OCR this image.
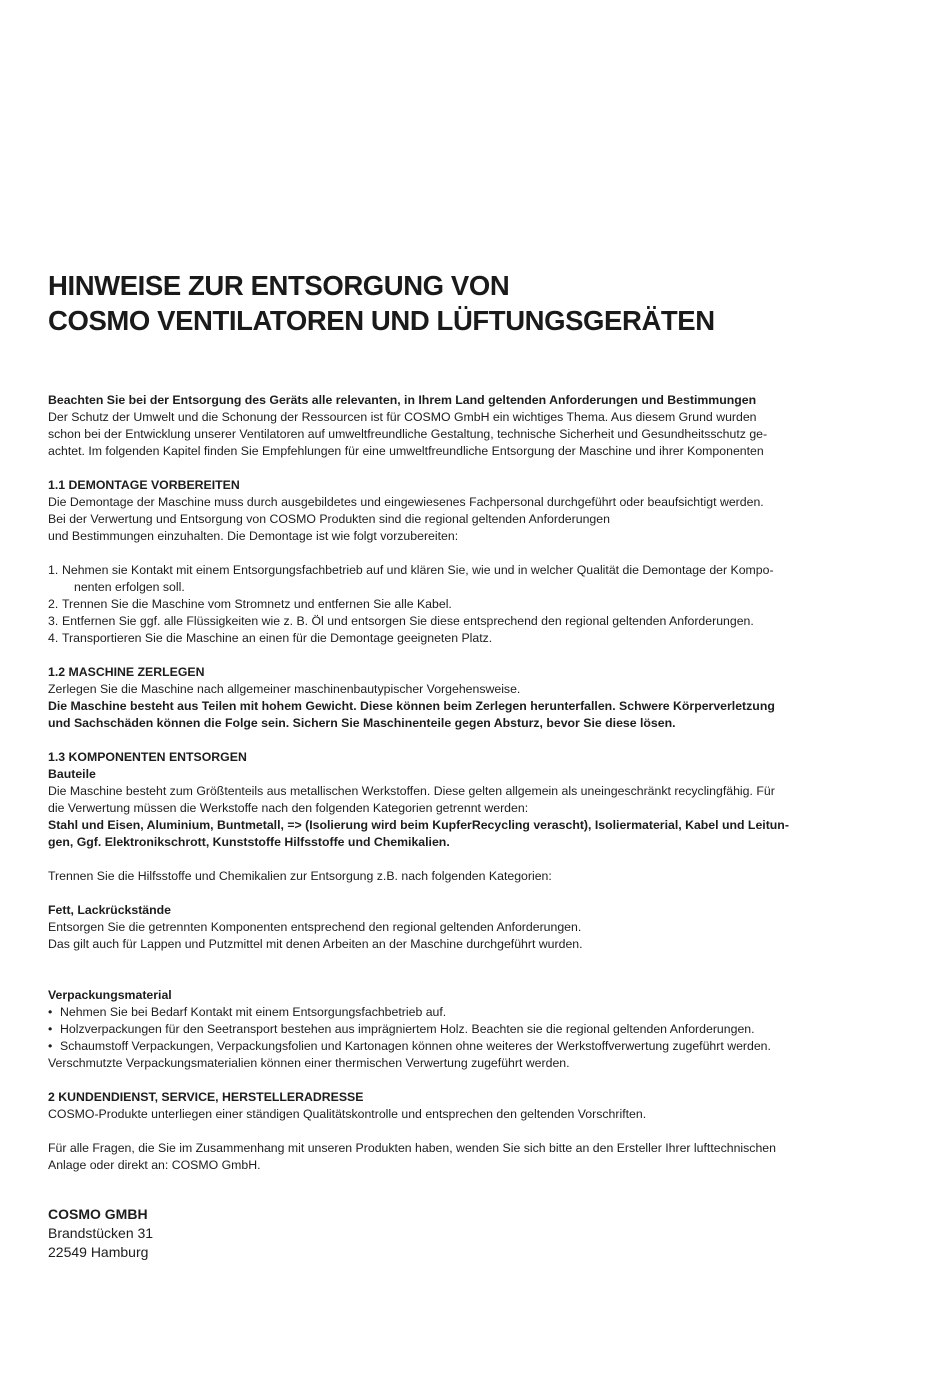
HINWEISE ZUR ENTSORGUNG VON
COSMO VENTILATOREN UND LÜFTUNGSGERÄTEN
Beachten Sie bei der Entsorgung des Geräts alle relevanten, in Ihrem Land geltenden Anforderungen und Bestimmungen
Der Schutz der Umwelt und die Schonung der Ressourcen ist für COSMO GmbH ein wichtiges Thema. Aus diesem Grund wurden
schon bei der Entwicklung unserer Ventilatoren auf umweltfreundliche Gestaltung, technische Sicherheit und Gesundheitsschutz ge-
achtet. Im folgenden Kapitel finden Sie Empfehlungen für eine umweltfreundliche Entsorgung der Maschine und ihrer Komponenten
1.1 DEMONTAGE VORBEREITEN
Die Demontage der Maschine muss durch ausgebildetes und eingewiesenes Fachpersonal durchgeführt oder beaufsichtigt werden.
Bei der Verwertung und Entsorgung von COSMO Produkten sind die regional geltenden Anforderungen
und Bestimmungen einzuhalten. Die Demontage ist wie folgt vorzubereiten:
1. Nehmen sie Kontakt mit einem Entsorgungsfachbetrieb auf und klären Sie, wie und in welcher Qualität die Demontage der Kompo-
nenten erfolgen soll.
2. Trennen Sie die Maschine vom Stromnetz und entfernen Sie alle Kabel.
3. Entfernen Sie ggf. alle Flüssigkeiten wie z. B. Öl und entsorgen Sie diese entsprechend den regional geltenden Anforderungen.
4. Transportieren Sie die Maschine an einen für die Demontage geeigneten Platz.
1.2 MASCHINE ZERLEGEN
Zerlegen Sie die Maschine nach allgemeiner maschinenbautypischer Vorgehensweise.
Die Maschine besteht aus Teilen mit hohem Gewicht. Diese können beim Zerlegen herunterfallen. Schwere Körperverletzung
und Sachschäden können die Folge sein. Sichern Sie Maschinenteile gegen Absturz, bevor Sie diese lösen.
1.3 KOMPONENTEN ENTSORGEN
Bauteile
Die Maschine besteht zum Größtenteils aus metallischen Werkstoffen. Diese gelten allgemein als uneingeschränkt recyclingfähig. Für
die Verwertung müssen die Werkstoffe nach den folgenden Kategorien getrennt werden:
Stahl und Eisen, Aluminium, Buntmetall, => (Isolierung wird beim KupferRecycling verascht), Isoliermaterial, Kabel und Leitun-
gen, Ggf. Elektronikschrott, Kunststoffe Hilfsstoffe und Chemikalien.
Trennen Sie die Hilfsstoffe und Chemikalien zur Entsorgung z.B. nach folgenden Kategorien:
Fett, Lackrückstände
Entsorgen Sie die getrennten Komponenten entsprechend den regional geltenden Anforderungen.
Das gilt auch für Lappen und Putzmittel mit denen Arbeiten an der Maschine durchgeführt wurden.
Verpackungsmaterial
• Nehmen Sie bei Bedarf Kontakt mit einem Entsorgungsfachbetrieb auf.
• Holzverpackungen für den Seetransport bestehen aus imprägniertem Holz. Beachten sie die regional geltenden Anforderungen.
• Schaumstoff Verpackungen, Verpackungsfolien und Kartonagen können ohne weiteres der Werkstoffverwertung zugeführt werden.
Verschmutzte Verpackungsmaterialien können einer thermischen Verwertung zugeführt werden.
2 KUNDENDIENST, SERVICE, HERSTELLERADRESSE
COSMO-Produkte unterliegen einer ständigen Qualitätskontrolle und entsprechen den geltenden Vorschriften.
Für alle Fragen, die Sie im Zusammenhang mit unseren Produkten haben, wenden Sie sich bitte an den Ersteller Ihrer lufttechnischen
Anlage oder direkt an: COSMO GmbH.
COSMO GMBH
Brandstücken 31
22549 Hamburg
